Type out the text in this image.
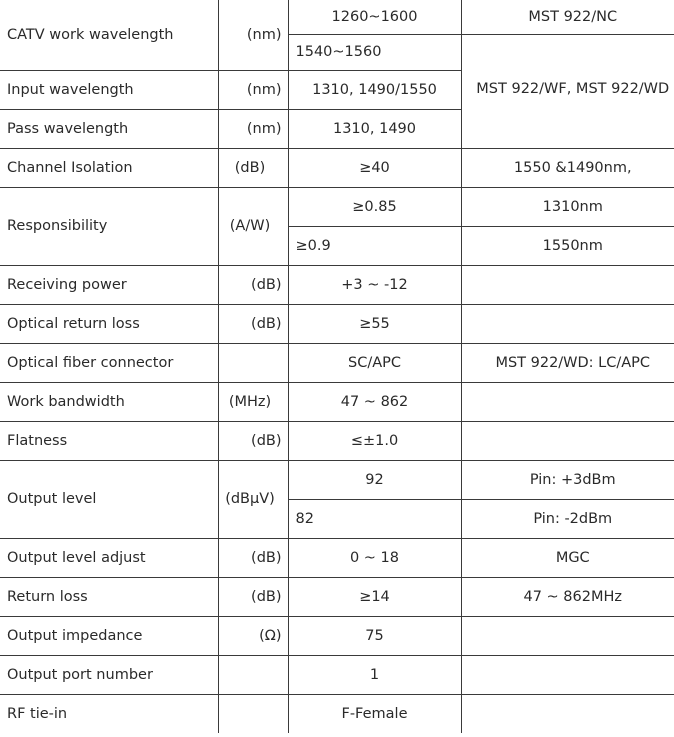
CATV work wavelength	(nm)	1260~1600	MST 922/NC
		1540~1560	
Input wavelength	(nm)	1310, 1490/1550	MST 922/WF, MST 922/WD
Pass wavelength	(nm)	1310, 1490	
Channel Isolation	(dB)	≥40	1550 &1490nm,
Responsibility	(A/W)	≥0.85	1310nm
		≥0.9	1550nm
Receiving power	(dB)	+3 ~ -12	
Optical return loss	(dB)	≥55	
Optical fiber connector		SC/APC	MST 922/WD: LC/APC
Work bandwidth	(MHz)	47 ~ 862	
Flatness	(dB)	≤±1.0	
Output level	(dBμV)	92	Pin: +3dBm
		82	Pin: -2dBm
Output level adjust	(dB)	0 ~ 18	MGC
Return loss	(dB)	≥14	47 ~ 862MHz
Output impedance	(Ω)	75	
Output port number		1	
RF tie-in		F-Female	
